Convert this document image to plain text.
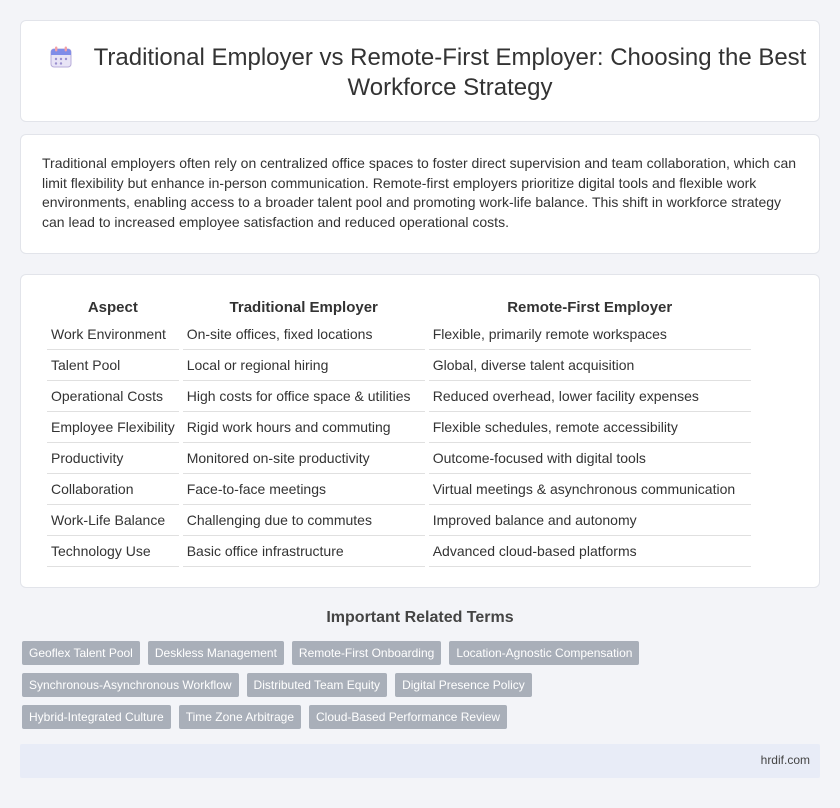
Traditional Employer vs Remote-First Employer: Choosing the Best Workforce Strategy

Traditional employers often rely on centralized office spaces to foster direct supervision and team collaboration, which can limit flexibility but enhance in-person communication. Remote-first employers prioritize digital tools and flexible work environments, enabling access to a broader talent pool and promoting work-life balance. This shift in workforce strategy can lead to increased employee satisfaction and reduced operational costs.

Aspect	Traditional Employer	Remote-First Employer
Work Environment	On-site offices, fixed locations	Flexible, primarily remote workspaces
Talent Pool	Local or regional hiring	Global, diverse talent acquisition
Operational Costs	High costs for office space & utilities	Reduced overhead, lower facility expenses
Employee Flexibility	Rigid work hours and commuting	Flexible schedules, remote accessibility
Productivity	Monitored on-site productivity	Outcome-focused with digital tools
Collaboration	Face-to-face meetings	Virtual meetings & asynchronous communication
Work-Life Balance	Challenging due to commutes	Improved balance and autonomy
Technology Use	Basic office infrastructure	Advanced cloud-based platforms
Important Related Terms
Geoflex Talent Pool	Deskless Management	Remote-First Onboarding	Location-Agnostic Compensation
Synchronous-Asynchronous Workflow	Distributed Team Equity	Digital Presence Policy
Hybrid-Integrated Culture	Time Zone Arbitrage	Cloud-Based Performance Review
hrdif.com
